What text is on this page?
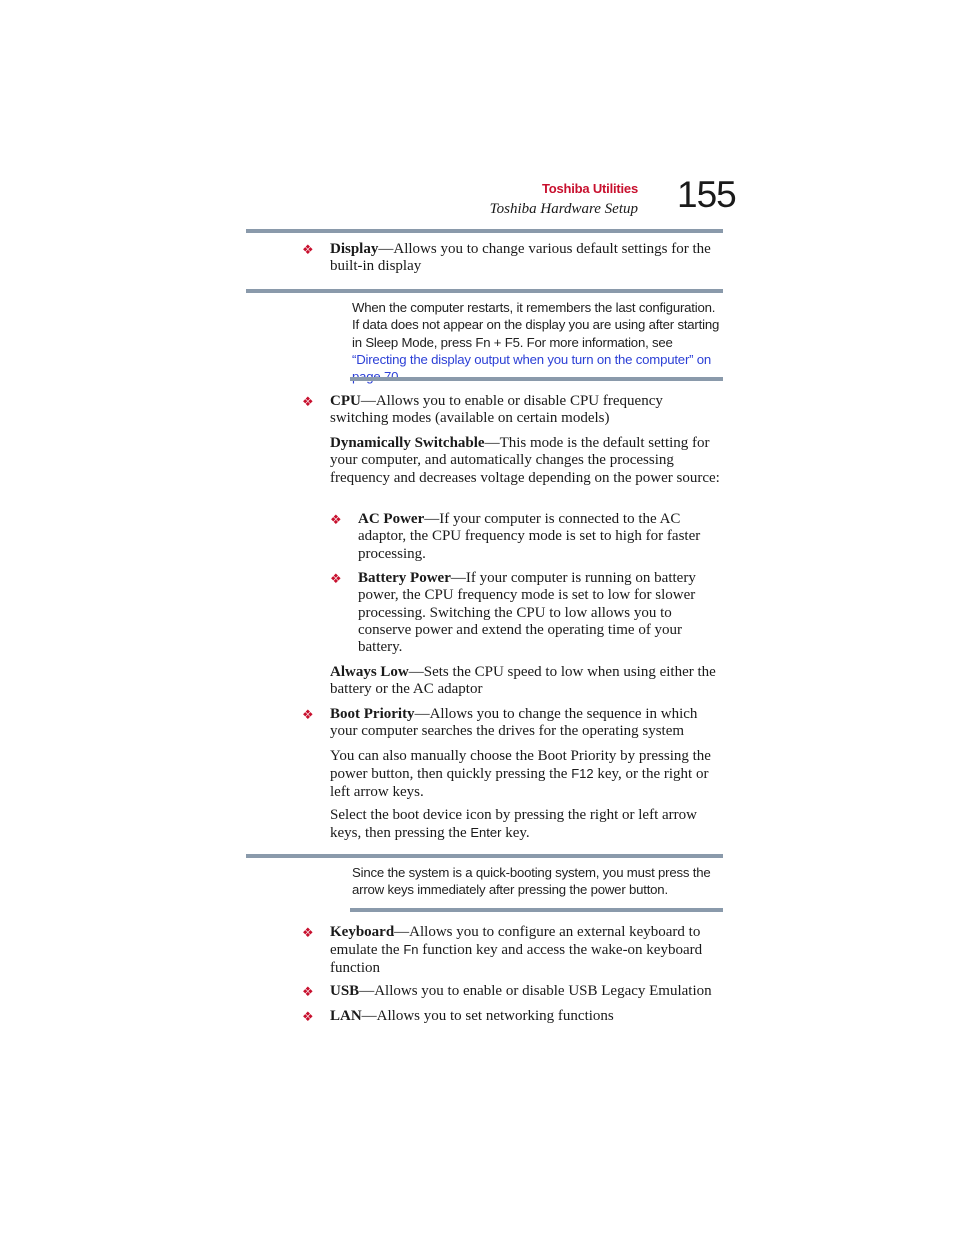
Toshiba Utilities
Toshiba Hardware Setup 155
❖ Display—Allows you to change various default settings for the built-in display
When the computer restarts, it remembers the last configuration. If data does not appear on the display you are using after starting in Sleep Mode, press Fn + F5. For more information, see “Directing the display output when you turn on the computer” on
❖ CPU—Allows you to enable or disable CPU frequency switching modes (available on certain models)
Dynamically Switchable—This mode is the default setting for your computer, and automatically changes the processing frequency and decreases voltage depending on the power source:
❖ AC Power—If your computer is connected to the AC adaptor, the CPU frequency mode is set to high for faster processing.
❖ Battery Power—If your computer is running on battery power, the CPU frequency mode is set to low for slower processing. Switching the CPU to low allows you to conserve power and extend the operating time of your battery.
Always Low—Sets the CPU speed to low when using either the battery or the AC adaptor
❖ Boot Priority—Allows you to change the sequence in which your computer searches the drives for the operating system
You can also manually choose the Boot Priority by pressing the power button, then quickly pressing the F12 key, or the right or left arrow keys.
Select the boot device icon by pressing the right or left arrow keys, then pressing the Enter key.
Since the system is a quick-booting system, you must press the arrow keys immediately after pressing the power button.
❖ Keyboard—Allows you to configure an external keyboard to emulate the Fn function key and access the wake-on keyboard function
❖ USB—Allows you to enable or disable USB Legacy Emulation
❖ LAN—Allows you to set networking functions
